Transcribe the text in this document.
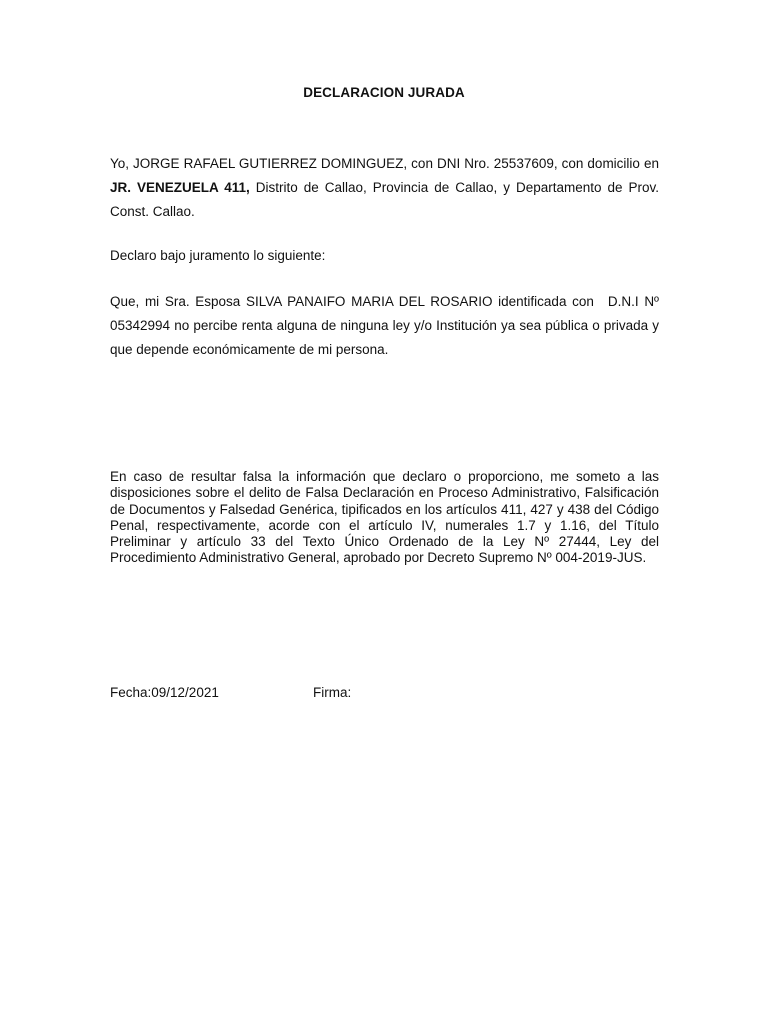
DECLARACION JURADA

Yo, JORGE RAFAEL GUTIERREZ DOMINGUEZ, con DNI Nro. 25537609, con domicilio en JR. VENEZUELA 411, Distrito de Callao, Provincia de Callao, y Departamento de Prov. Const. Callao.

Declaro bajo juramento lo siguiente:

Que, mi Sra. Esposa SILVA PANAIFO MARIA DEL ROSARIO identificada con D.N.I Nº 05342994 no percibe renta alguna de ninguna ley y/o Institución ya sea pública o privada y que depende económicamente de mi persona.

En caso de resultar falsa la información que declaro o proporciono, me someto a las disposiciones sobre el delito de Falsa Declaración en Proceso Administrativo, Falsificación de Documentos y Falsedad Genérica, tipificados en los artículos 411, 427 y 438 del Código Penal, respectivamente, acorde con el artículo IV, numerales 1.7 y 1.16, del Título Preliminar y artículo 33 del Texto Único Ordenado de la Ley Nº 27444, Ley del Procedimiento Administrativo General, aprobado por Decreto Supremo Nº 004-2019-JUS.

Fecha:09/12/2021	Firma:
